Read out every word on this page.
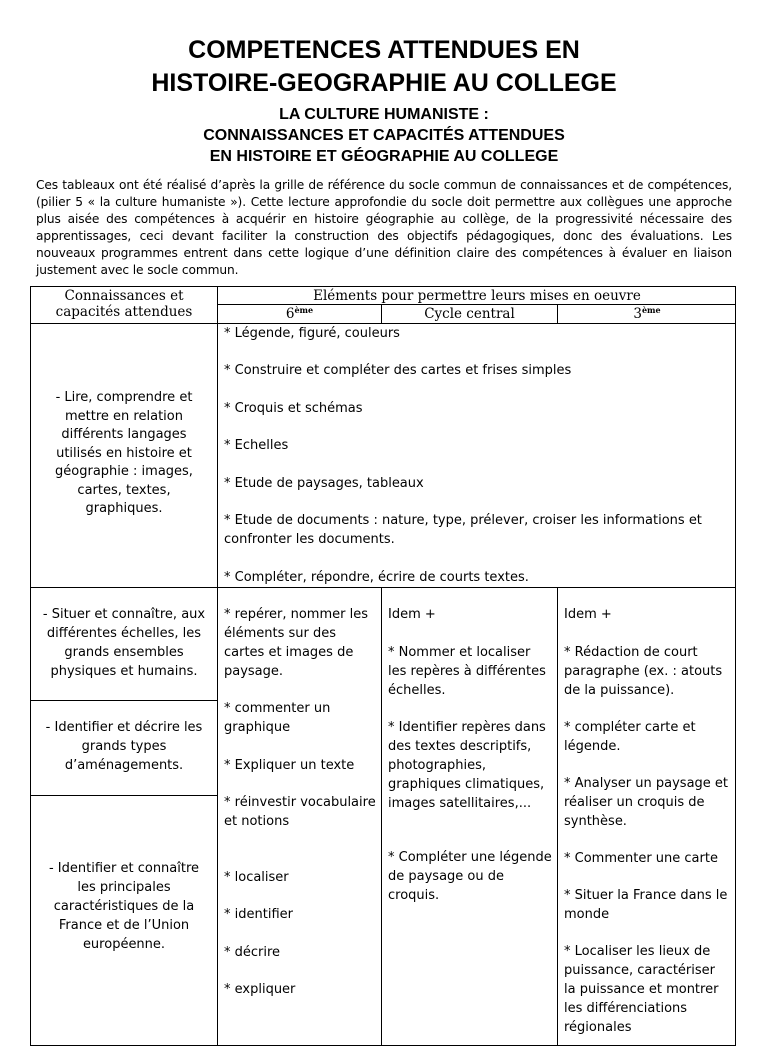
COMPETENCES ATTENDUES EN
HISTOIRE-GEOGRAPHIE AU COLLEGE
LA CULTURE HUMANISTE :
CONNAISSANCES ET CAPACITÉS ATTENDUES
EN HISTOIRE ET GÉOGRAPHIE AU COLLEGE
Ces tableaux ont été réalisé d’après la grille de référence du socle commun de connaissances et de compétences, (pilier 5 « la culture humaniste »). Cette lecture approfondie du socle doit permettre aux collègues une approche plus aisée des compétences à acquérir en histoire géographie au collège, de la progressivité nécessaire des apprentissages, ceci devant faciliter la construction des objectifs pédagogiques, donc des évaluations. Les nouveaux programmes entrent dans cette logique d’une définition claire des compétences à évaluer en liaison justement avec le socle commun.
Connaissances et
capacités attendues
Eléments pour permettre leurs mises en oeuvre
6ème	Cycle central	3ème
- Lire, comprendre et mettre en relation différents langages utilisés en histoire et géographie : images, cartes, textes, graphiques.

* Légende, figuré, couleurs

* Construire et compléter des cartes et frises simples

* Croquis et schémas

* Echelles

* Etude de paysages, tableaux

* Etude de documents : nature, type, prélever, croiser les informations et confronter les documents.

* Compléter, répondre, écrire de courts textes.

- Situer et connaître, aux différentes échelles, les grands ensembles physiques et humains.
- Identifier et décrire les grands types d’aménagements.
- Identifier et connaître les principales caractéristiques de la France et de l’Union européenne.

* repérer, nommer les éléments sur des cartes et images de paysage.

* commenter un graphique

* Expliquer un texte

* réinvestir vocabulaire et notions

* localiser

* identifier

* décrire

* expliquer

Idem +

* Nommer et localiser les repères à différentes échelles.

* Identifier repères dans des textes descriptifs, photographies, graphiques climatiques, images satellitaires,...

* Compléter une légende de paysage ou de croquis.

Idem +

* Rédaction de court paragraphe (ex. : atouts de la puissance).

* compléter carte et légende.

* Analyser un paysage et réaliser un croquis de synthèse.

* Commenter une carte

* Situer la France dans le monde

* Localiser les lieux de puissance, caractériser la puissance et montrer les différenciations régionales
